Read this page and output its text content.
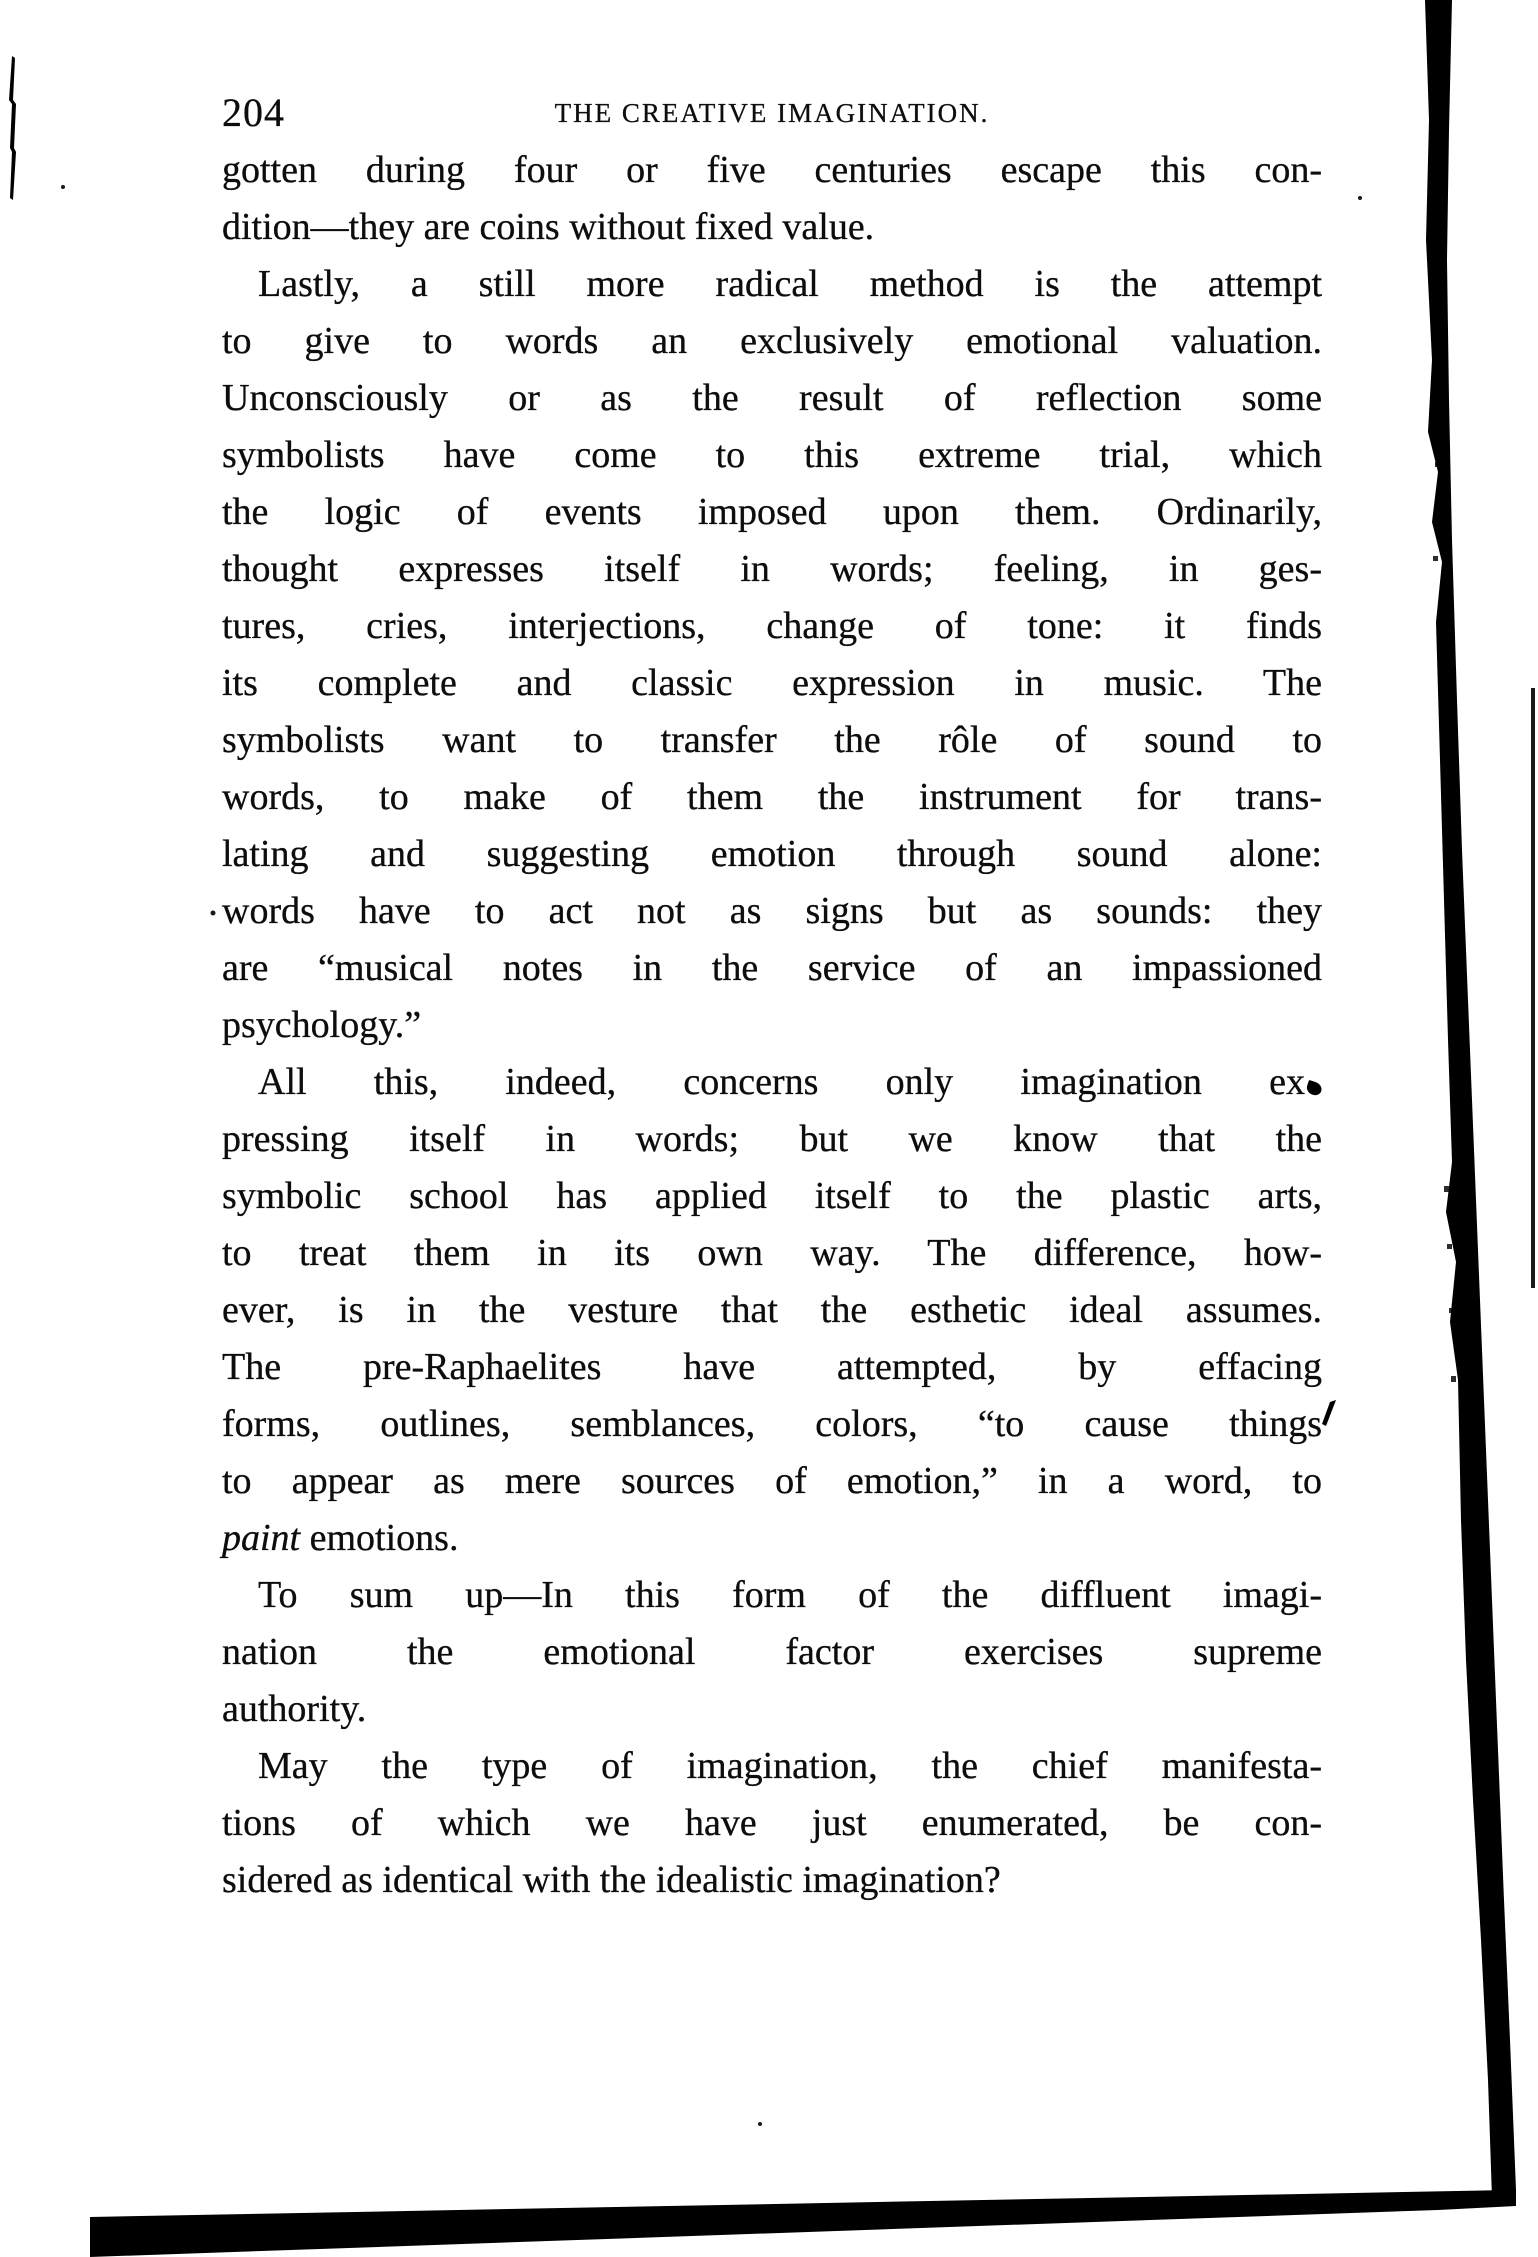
204	THE CREATIVE IMAGINATION.
gotten during four or five centuries escape this con-
dition—they are coins without fixed value.
Lastly, a still more radical method is the attempt
to give to words an exclusively emotional valuation.
Unconsciously or as the result of reflection some
symbolists have come to this extreme trial, which
the logic of events imposed upon them. Ordinarily,
thought expresses itself in words; feeling, in ges-
tures, cries, interjections, change of tone: it finds
its complete and classic expression in music. The
symbolists want to transfer the rôle of sound to
words, to make of them the instrument for trans-
lating and suggesting emotion through sound alone:
words have to act not as signs but as sounds: they
are “musical notes in the service of an impassioned
psychology.”
All this, indeed, concerns only imagination ex
pressing itself in words; but we know that the
symbolic school has applied itself to the plastic arts,
to treat them in its own way. The difference, how-
ever, is in the vesture that the esthetic ideal assumes.
The pre-Raphaelites have attempted, by effacing
forms, outlines, semblances, colors, “to cause things
to appear as mere sources of emotion,” in a word, to
paint emotions.
To sum up—In this form of the diffluent imagi-
nation the emotional factor exercises supreme
authority.
May the type of imagination, the chief manifesta-
tions of which we have just enumerated, be con-
sidered as identical with the idealistic imagination?
